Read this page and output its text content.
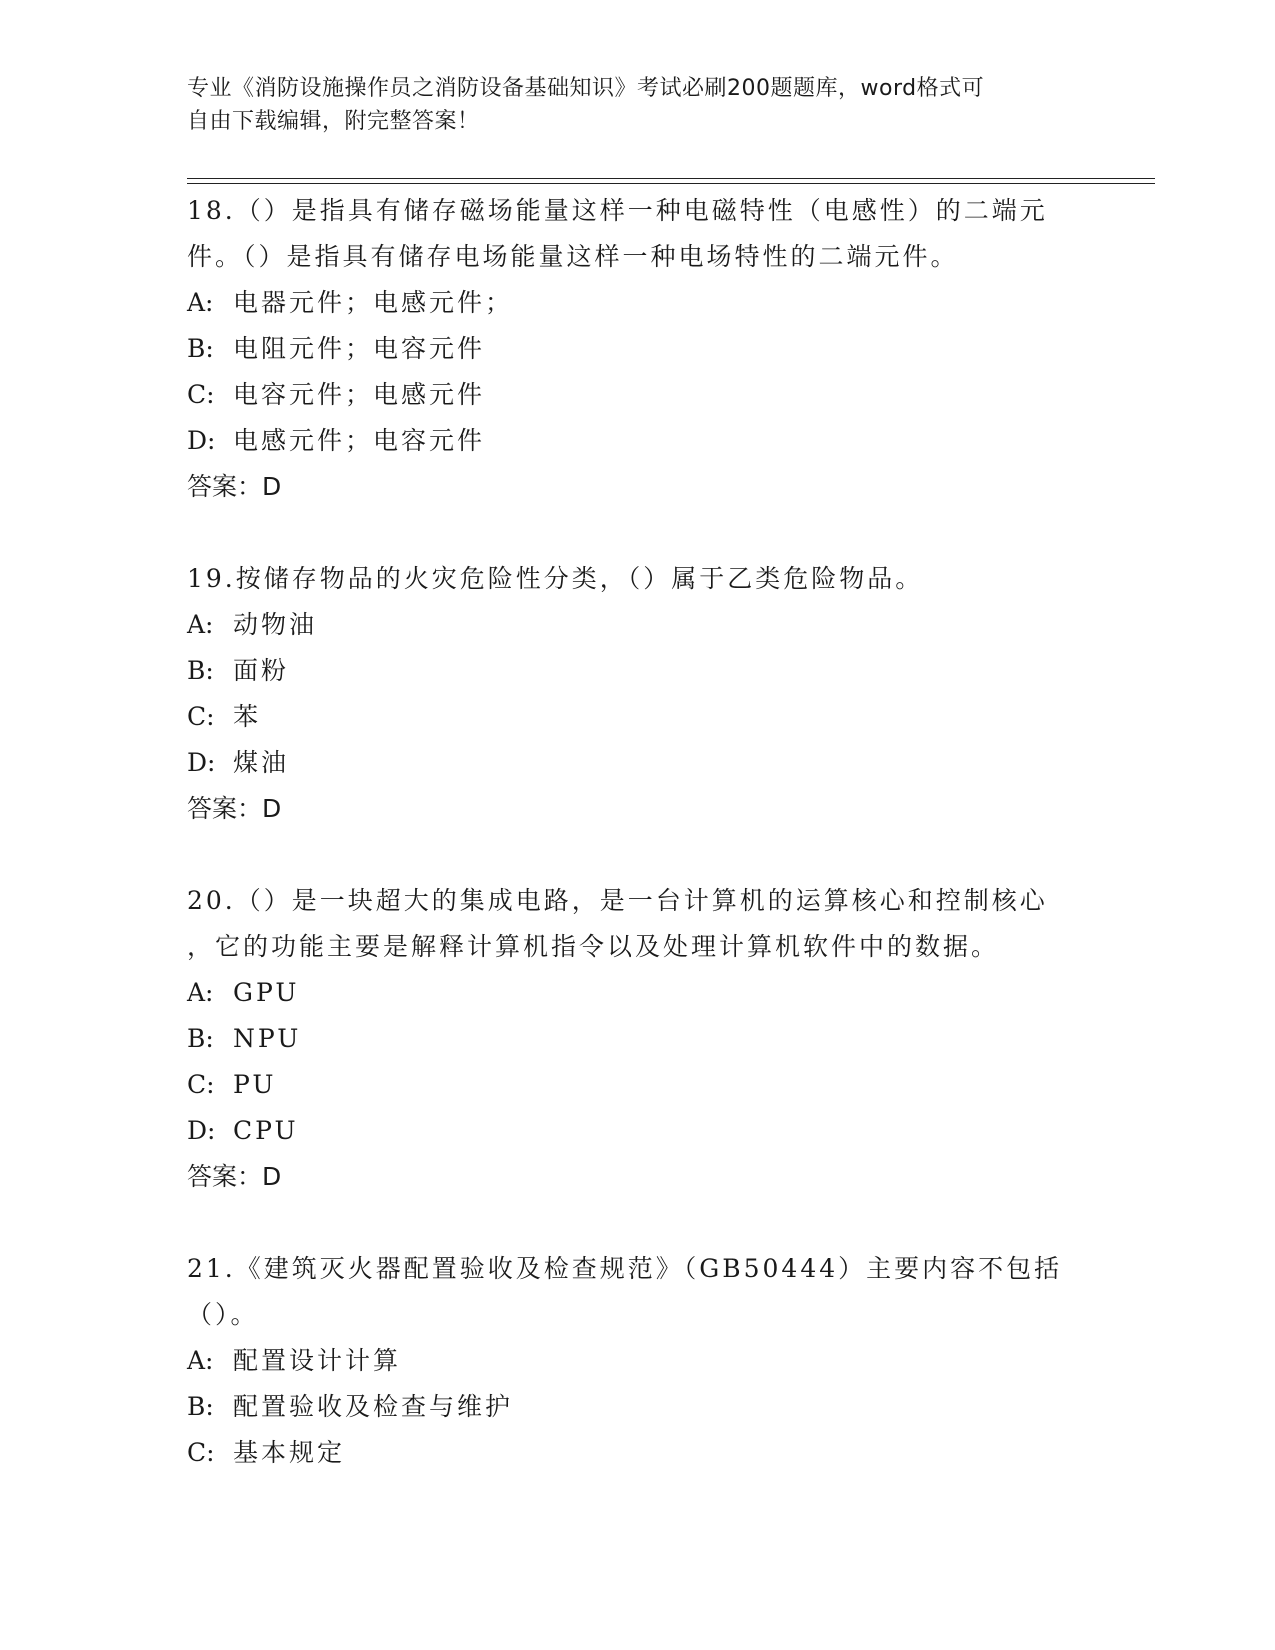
专业《消防设施操作员之消防设备基础知识》考试必刷200题题库，word格式可
自由下载编辑，附完整答案！

18.（）是指具有储存磁场能量这样一种电磁特性（电感性）的二端元

件。（）是指具有储存电场能量这样一种电场特性的二端元件。

A: 电器元件；电感元件；

B: 电阻元件；电容元件

C: 电容元件；电感元件

D: 电感元件；电容元件

答案：D

19.按储存物品的火灾危险性分类，（）属于乙类危险物品。

A: 动物油

B: 面粉

C: 苯

D: 煤油

答案：D

20.（）是一块超大的集成电路，是一台计算机的运算核心和控制核心

，它的功能主要是解释计算机指令以及处理计算机软件中的数据。

A: GPU

B: NPU

C: PU

D: CPU

答案：D

21.《建筑灭火器配置验收及检查规范》（GB50444）主要内容不包括

（）。

A: 配置设计计算

B: 配置验收及检查与维护

C: 基本规定
